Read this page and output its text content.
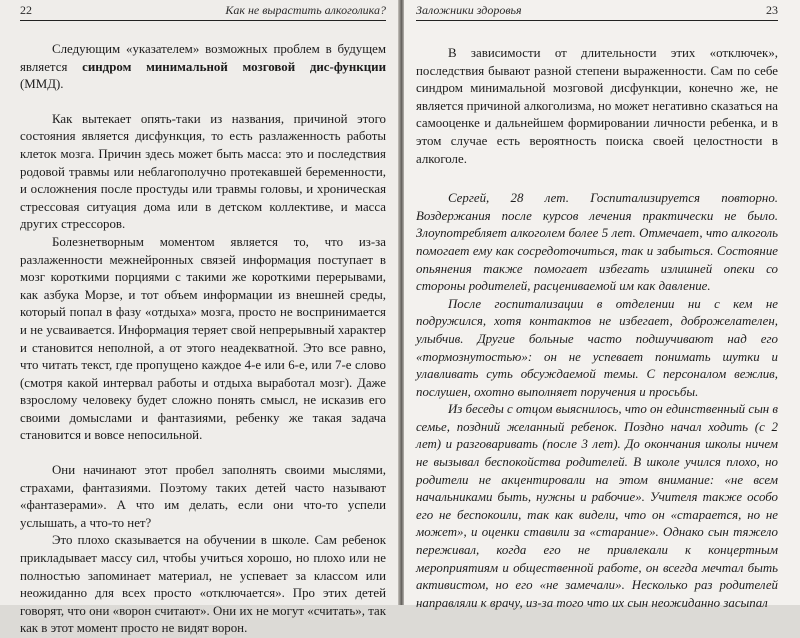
22	Как не вырастить алкоголика?

Следующим «указателем» возможных проблем в будущем является синдром минимальной мозговой дис-функции (ММД).

Как вытекает опять-таки из названия, причиной этого состояния является дисфункция, то есть разлаженность работы клеток мозга. Причин здесь может быть масса: это и последствия родовой травмы или неблагополучно протекавшей беременности, и осложнения после простуды или травмы головы, и хроническая стрессовая ситуация дома или в детском коллективе, и масса других стрессоров.

Болезнетворным моментом является то, что из-за разлаженности межнейронных связей информация поступает в мозг короткими порциями с такими же короткими перерывами, как азбука Морзе, и тот объем информации из внешней среды, который попал в фазу «отдыха» мозга, просто не воспринимается и не усваивается. Информация теряет свой непрерывный характер и становится неполной, а от этого неадекватной. Это все равно, что читать текст, где пропущено каждое 4-е или 6-е, или 7-е слово (смотря какой интервал работы и отдыха выработал мозг). Даже взрослому человеку будет сложно понять смысл, не исказив его своими домыслами и фантазиями, ребенку же такая задача становится и вовсе непосильной.

Они начинают этот пробел заполнять своими мыслями, страхами, фантазиями. Поэтому таких детей часто называют «фантазерами». А что им делать, если они что-то успели услышать, а что-то нет?

Это плохо сказывается на обучении в школе. Сам ребенок прикладывает массу сил, чтобы учиться хорошо, но плохо или не полностью запоминает материал, не успевает за классом или неожиданно для всех просто «отключается». Про этих детей говорят, что они «ворон считают». Они их не могут «считать», так как в этот момент просто не видят ворон.

Заложники здоровья	23

В зависимости от длительности этих «отключек», последствия бывают разной степени выраженности. Сам по себе синдром минимальной мозговой дисфункции, конечно же, не является причиной алкоголизма, но может негативно сказаться на самооценке и дальнейшем формировании личности ребенка, и в этом случае есть вероятность поиска своей целостности в алкоголе.

Сергей, 28 лет. Госпитализируется повторно. Воздержания после курсов лечения практически не было. Злоупотребляет алкоголем более 5 лет. Отмечает, что алкоголь помогает ему как сосредоточиться, так и забыться. Состояние опьянения также помогает избегать излишней опеки со стороны родителей, расцениваемой им как давление.

После госпитализации в отделении ни с кем не подружился, хотя контактов не избегает, доброжелателен, улыбчив. Другие больные часто подшучивают над его «тормознутостью»: он не успевает понимать шутки и улавливать суть обсуждаемой темы. С персоналом вежлив, послушен, охотно выполняет поручения и просьбы.

Из беседы с отцом выяснилось, что он единственный сын в семье, поздний желанный ребенок. Поздно начал ходить (с 2 лет) и разговаривать (после 3 лет). До окончания школы ничем не вызывал беспокойства родителей. В школе учился плохо, но родители не акцентировали на этом внимание: «не всем начальниками быть, нужны и рабочие». Учителя также особо его не беспокоили, так как видели, что он «старается, но не может», и оценки ставили за «старание». Однако сын тяжело переживал, когда его не привлекали к концертным мероприятиям и общественной работе, он всегда мечтал быть активистом, но его «не замечали». Несколько раз родителей направляли к врачу, из-за того что их сын неожиданно засыпал
